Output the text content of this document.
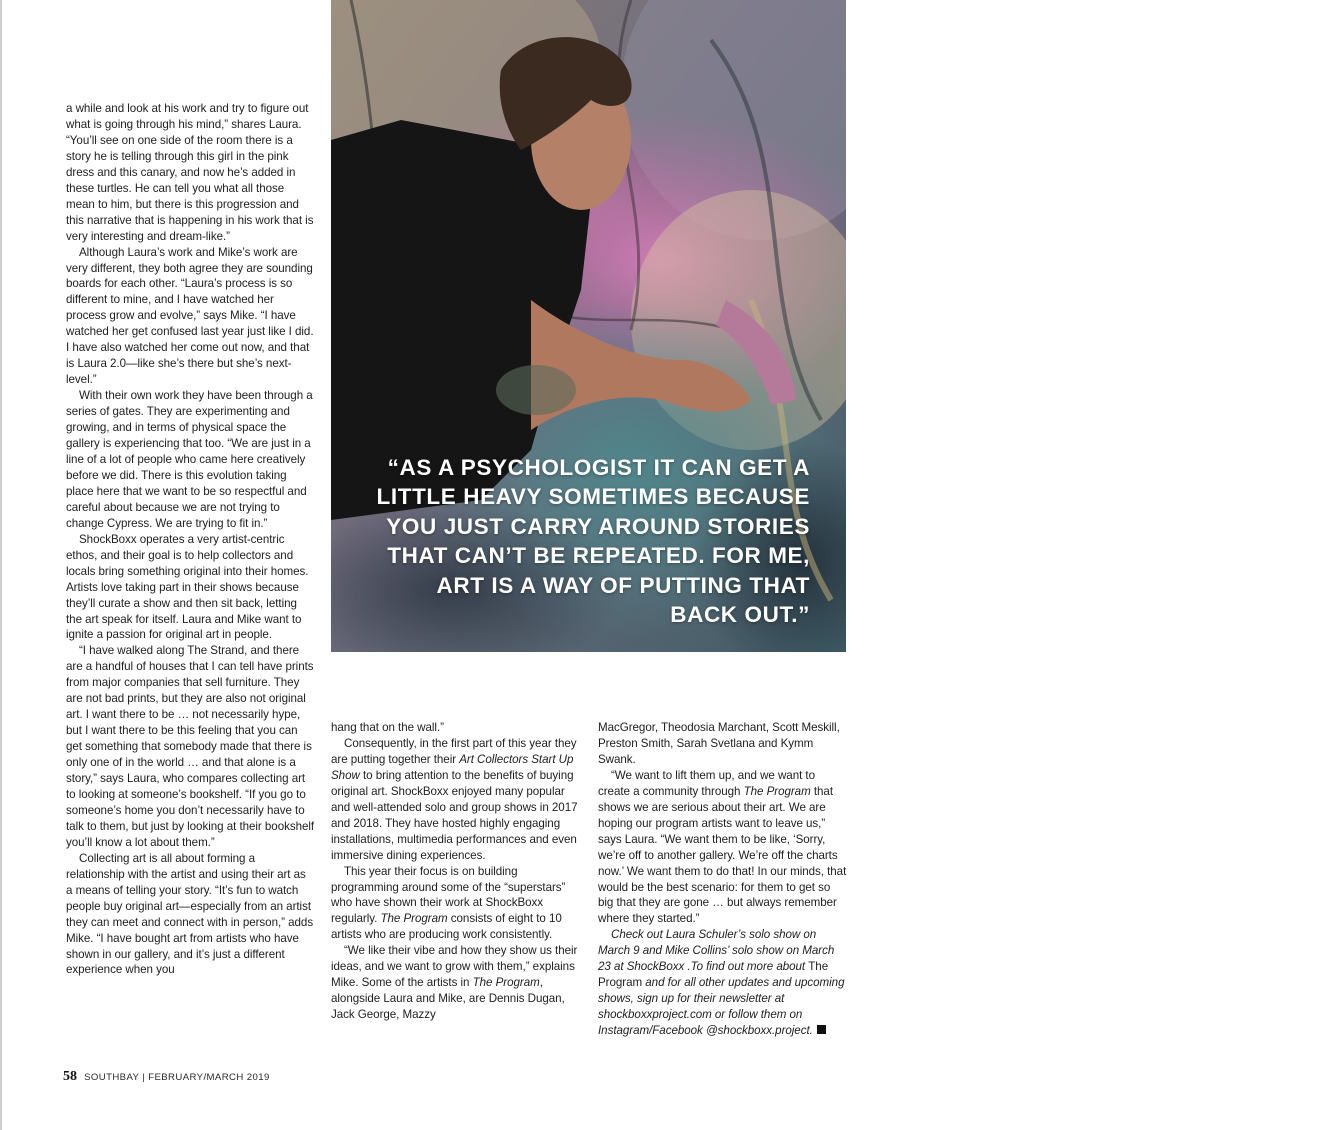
a while and look at his work and try to figure out what is going through his mind,” shares Laura. “You’ll see on one side of the room there is a story he is telling through this girl in the pink dress and this canary, and now he’s added in these turtles. He can tell you what all those mean to him, but there is this progression and this narrative that is happening in his work that is very interesting and dream-like.”

Although Laura’s work and Mike’s work are very different, they both agree they are sounding boards for each other. “Laura’s process is so different to mine, and I have watched her process grow and evolve,” says Mike. “I have watched her get confused last year just like I did. I have also watched her come out now, and that is Laura 2.0—like she’s there but she’s next-level.”

With their own work they have been through a series of gates. They are experimenting and growing, and in terms of physical space the gallery is experiencing that too. “We are just in a line of a lot of people who came here creatively before we did. There is this evolution taking place here that we want to be so respectful and careful about because we are not trying to change Cypress. We are trying to fit in.”

ShockBoxx operates a very artist-centric ethos, and their goal is to help collectors and locals bring something original into their homes. Artists love taking part in their shows because they’ll curate a show and then sit back, letting the art speak for itself. Laura and Mike want to ignite a passion for original art in people.

“I have walked along The Strand, and there are a handful of houses that I can tell have prints from major companies that sell furniture. They are not bad prints, but they are also not original art. I want there to be … not necessarily hype, but I want there to be this feeling that you can get something that somebody made that there is only one of in the world … and that alone is a story,” says Laura, who compares collecting art to looking at someone’s bookshelf. “If you go to someone’s home you don’t necessarily have to talk to them, but just by looking at their bookshelf you’ll know a lot about them.”

Collecting art is all about forming a relationship with the artist and using their art as a means of telling your story. “It’s fun to watch people buy original art—especially from an artist they can meet and connect with in person,” adds Mike. “I have bought art from artists who have shown in our gallery, and it’s just a different experience when you

“AS A PSYCHOLOGIST IT CAN GET A LITTLE HEAVY SOMETIMES BECAUSE YOU JUST CARRY AROUND STORIES THAT CAN’T BE REPEATED. FOR ME, ART IS A WAY OF PUTTING THAT BACK OUT.”

hang that on the wall.”

Consequently, in the first part of this year they are putting together their Art Collectors Start Up Show to bring attention to the benefits of buying original art. ShockBoxx enjoyed many popular and well-attended solo and group shows in 2017 and 2018. They have hosted highly engaging installations, multimedia performances and even immersive dining experiences.

This year their focus is on building programming around some of the “superstars” who have shown their work at ShockBoxx regularly. The Program consists of eight to 10 artists who are producing work consistently.

“We like their vibe and how they show us their ideas, and we want to grow with them,” explains Mike. Some of the artists in The Program, alongside Laura and Mike, are Dennis Dugan, Jack George, Mazzy

MacGregor, Theodosia Marchant, Scott Meskill, Preston Smith, Sarah Svetlana and Kymm Swank.

“We want to lift them up, and we want to create a community through The Program that shows we are serious about their art. We are hoping our program artists want to leave us,” says Laura. “We want them to be like, ‘Sorry, we’re off to another gallery. We’re off the charts now.’ We want them to do that! In our minds, that would be the best scenario: for them to get so big that they are gone … but always remember where they started.”

Check out Laura Schuler’s solo show on March 9 and Mike Collins’ solo show on March 23 at ShockBoxx .To find out more about The Program and for all other updates and upcoming shows, sign up for their newsletter at shockboxxproject.com or follow them on Instagram/Facebook @shockboxx.project.

58 SOUTHBAY | FEBRUARY/MARCH 2019
